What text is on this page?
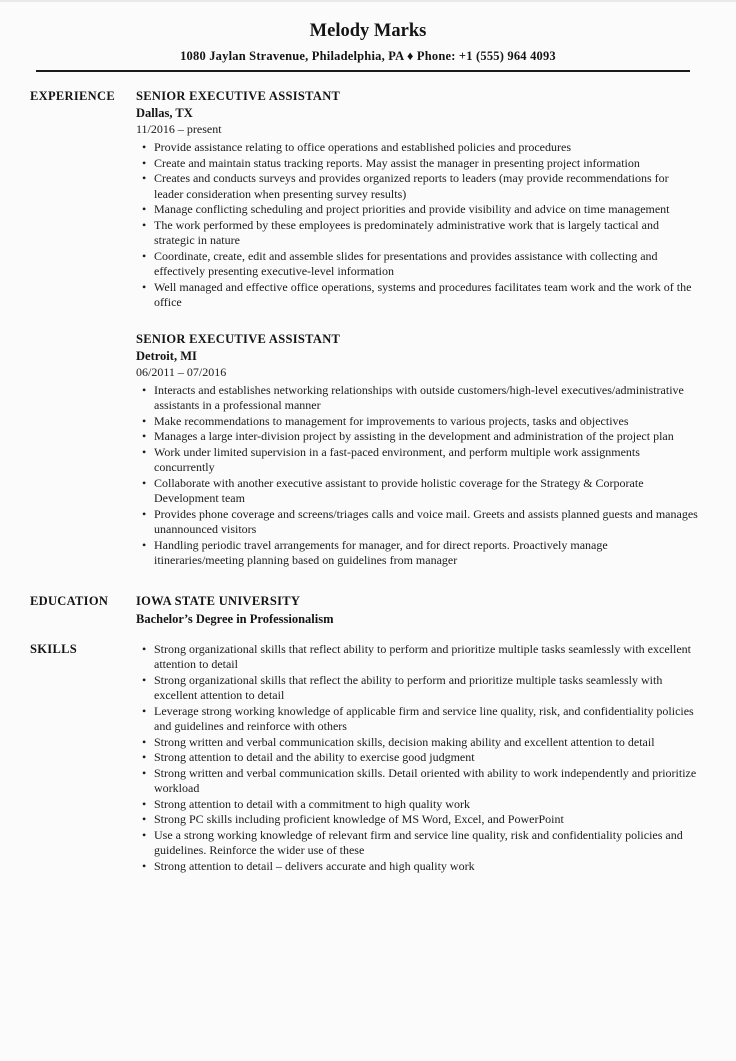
Melody Marks

1080 Jaylan Stravenue, Philadelphia, PA ♦ Phone: +1 (555) 964 4093

EXPERIENCE	SENIOR EXECUTIVE ASSISTANT
Dallas, TX
11/2016 – present
• Provide assistance relating to office operations and established policies and procedures
• Create and maintain status tracking reports. May assist the manager in presenting project information
• Creates and conducts surveys and provides organized reports to leaders (may provide recommendations for leader consideration when presenting survey results)
• Manage conflicting scheduling and project priorities and provide visibility and advice on time management
• The work performed by these employees is predominately administrative work that is largely tactical and strategic in nature
• Coordinate, create, edit and assemble slides for presentations and provides assistance with collecting and effectively presenting executive-level information
• Well managed and effective office operations, systems and procedures facilitates team work and the work of the office
SENIOR EXECUTIVE ASSISTANT
Detroit, MI
06/2011 – 07/2016
• Interacts and establishes networking relationships with outside customers/high-level executives/administrative assistants in a professional manner
• Make recommendations to management for improvements to various projects, tasks and objectives
• Manages a large inter-division project by assisting in the development and administration of the project plan
• Work under limited supervision in a fast-paced environment, and perform multiple work assignments concurrently
• Collaborate with another executive assistant to provide holistic coverage for the Strategy & Corporate Development team
• Provides phone coverage and screens/triages calls and voice mail. Greets and assists planned guests and manages unannounced visitors
• Handling periodic travel arrangements for manager, and for direct reports. Proactively manage itineraries/meeting planning based on guidelines from manager
EDUCATION	IOWA STATE UNIVERSITY
Bachelor’s Degree in Professionalism
SKILLS	• Strong organizational skills that reflect ability to perform and prioritize multiple tasks seamlessly with excellent attention to detail
• Strong organizational skills that reflect the ability to perform and prioritize multiple tasks seamlessly with excellent attention to detail
• Leverage strong working knowledge of applicable firm and service line quality, risk, and confidentiality policies and guidelines and reinforce with others
• Strong written and verbal communication skills, decision making ability and excellent attention to detail
• Strong attention to detail and the ability to exercise good judgment
• Strong written and verbal communication skills. Detail oriented with ability to work independently and prioritize workload
• Strong attention to detail with a commitment to high quality work
• Strong PC skills including proficient knowledge of MS Word, Excel, and PowerPoint
• Use a strong working knowledge of relevant firm and service line quality, risk and confidentiality policies and guidelines. Reinforce the wider use of these
• Strong attention to detail – delivers accurate and high quality work
